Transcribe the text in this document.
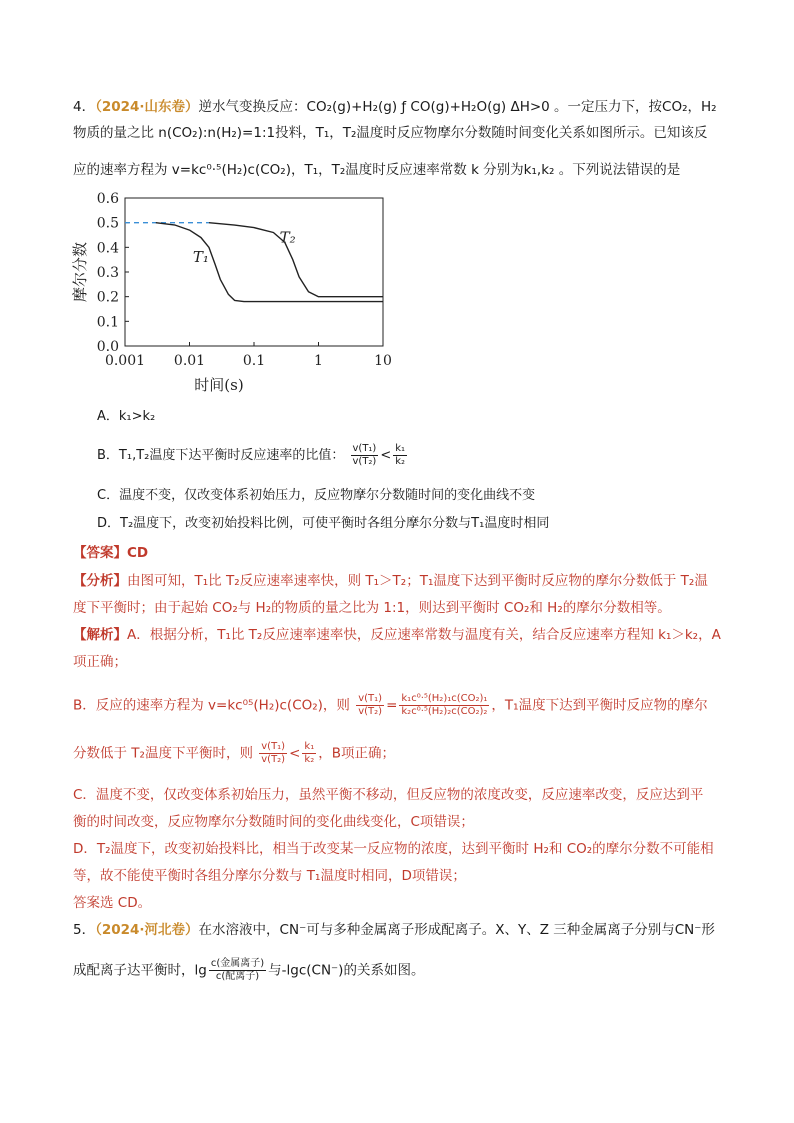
4．（2024·山东卷）逆水气变换反应：CO₂(g)+H₂(g) ƒ CO(g)+H₂O(g) ΔH>0 。一定压力下，按CO₂，H₂
物质的量之比 n(CO₂):n(H₂)=1:1投料，T₁，T₂温度时反应物摩尔分数随时间变化关系如图所示。已知该反
应的速率方程为 v=kc⁰·⁵(H₂)c(CO₂)，T₁，T₂温度时反应速率常数 k 分别为k₁,k₂ 。下列说法错误的是
0.001 0.01	0.1	1	10
0.0
0.1
0.2
0.3
0.4
0.5
0.6
时间(s)
摩尔分数	T₁
T₂
A．k₁>k₂
B．T₁,T₂温度下达平衡时反应速率的比值： $\frac{\text{v(T₁)}}{\text{v(T₂)}} < \frac{\text{k₁}}{\text{k₂}}$
C．温度不变，仅改变体系初始压力，反应物摩尔分数随时间的变化曲线不变
D．T₂温度下，改变初始投料比例，可使平衡时各组分摩尔分数与T₁温度时相同
【答案】CD
【分析】由图可知，T₁比 T₂反应速率速率快，则 T₁＞T₂；T₁温度下达到平衡时反应物的摩尔分数低于 T₂温
度下平衡时；由于起始 CO₂与 H₂的物质的量之比为 1:1，则达到平衡时 CO₂和 H₂的摩尔分数相等。
【解析】A．根据分析，T₁比 T₂反应速率速率快，反应速率常数与温度有关，结合反应速率方程知 k₁＞k₂，A
项正确；
B．反应的速率方程为 v=kc⁰⁵(H₂)c(CO₂)，则 $\frac{\text{v(T₁)}}{\text{v(T₂)}} = \frac{\text{k₁c⁰·⁵(H₂)₁c(CO₂)₁}}{\text{k₂c⁰·⁵(H₂)₂c(CO₂)₂}}$ ，T₁温度下达到平衡时反应物的摩尔
分数低于 T₂温度下平衡时，则 $\frac{\text{v(T₁)}}{\text{v(T₂)}} < \frac{\text{k₁}}{\text{k₂}}$ ，B项正确；
C．温度不变，仅改变体系初始压力，虽然平衡不移动，但反应物的浓度改变，反应速率改变，反应达到平
衡的时间改变，反应物摩尔分数随时间的变化曲线变化，C项错误；
D．T₂温度下，改变初始投料比，相当于改变某一反应物的浓度，达到平衡时 H₂和 CO₂的摩尔分数不可能相
等，故不能使平衡时各组分摩尔分数与 T₁温度时相同，D项错误；
答案选 CD。
5．（2024·河北卷）在水溶液中，CN⁻可与多种金属离子形成配离子。X、Y、Z 三种金属离子分别与CN⁻形
成配离子达平衡时，$\lg \frac{\text{c(金属离子)}}{\text{c(配离子)}}$ 与-lgc(CN⁻)的关系如图。
